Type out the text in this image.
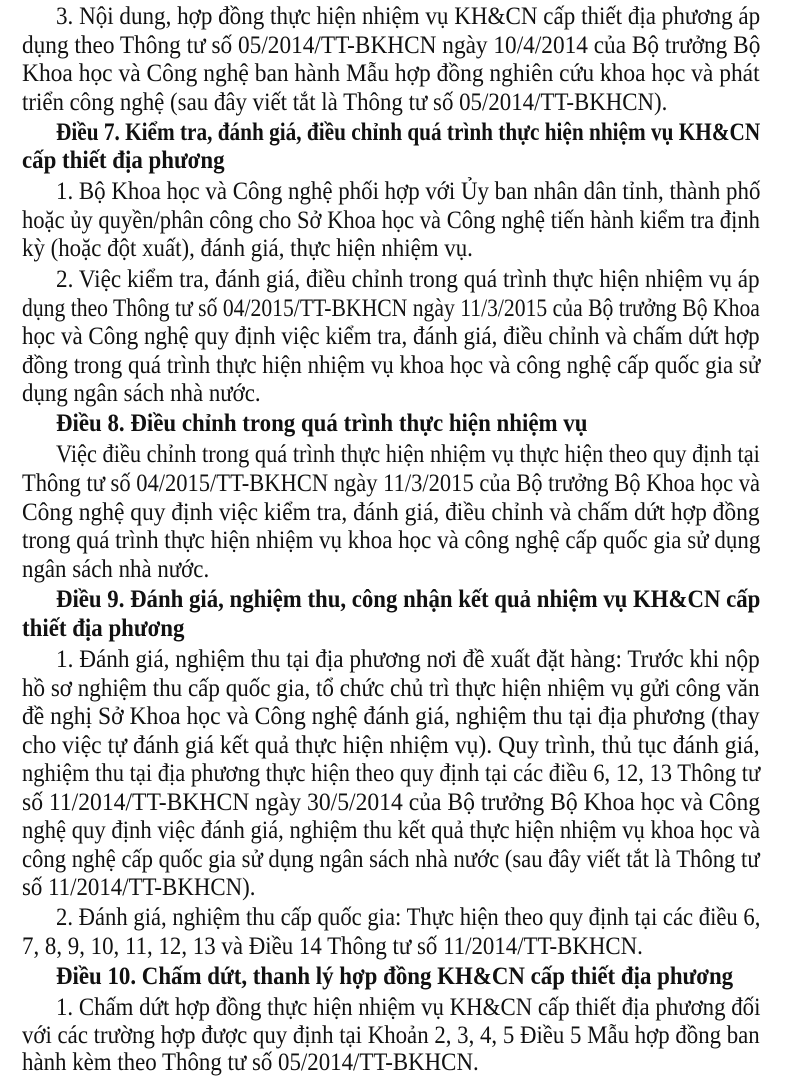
3. Nội dung, hợp đồng thực hiện nhiệm vụ KH&CN cấp thiết địa phương áp
dụng theo Thông tư số 05/2014/TT-BKHCN ngày 10/4/2014 của Bộ trưởng Bộ
Khoa học và Công nghệ ban hành Mẫu hợp đồng nghiên cứu khoa học và phát
triển công nghệ (sau đây viết tắt là Thông tư số 05/2014/TT-BKHCN).
Điều 7. Kiểm tra, đánh giá, điều chỉnh quá trình thực hiện nhiệm vụ KH&CN
cấp thiết địa phương
1. Bộ Khoa học và Công nghệ phối hợp với Ủy ban nhân dân tỉnh, thành phố
hoặc ủy quyền/phân công cho Sở Khoa học và Công nghệ tiến hành kiểm tra định
kỳ (hoặc đột xuất), đánh giá, thực hiện nhiệm vụ.
2. Việc kiểm tra, đánh giá, điều chỉnh trong quá trình thực hiện nhiệm vụ áp
dụng theo Thông tư số 04/2015/TT-BKHCN ngày 11/3/2015 của Bộ trưởng Bộ Khoa
học và Công nghệ quy định việc kiểm tra, đánh giá, điều chỉnh và chấm dứt hợp
đồng trong quá trình thực hiện nhiệm vụ khoa học và công nghệ cấp quốc gia sử
dụng ngân sách nhà nước.
Điều 8. Điều chỉnh trong quá trình thực hiện nhiệm vụ
Việc điều chỉnh trong quá trình thực hiện nhiệm vụ thực hiện theo quy định tại
Thông tư số 04/2015/TT-BKHCN ngày 11/3/2015 của Bộ trưởng Bộ Khoa học và
Công nghệ quy định việc kiểm tra, đánh giá, điều chỉnh và chấm dứt hợp đồng
trong quá trình thực hiện nhiệm vụ khoa học và công nghệ cấp quốc gia sử dụng
ngân sách nhà nước.
Điều 9. Đánh giá, nghiệm thu, công nhận kết quả nhiệm vụ KH&CN cấp
thiết địa phương
1. Đánh giá, nghiệm thu tại địa phương nơi đề xuất đặt hàng: Trước khi nộp
hồ sơ nghiệm thu cấp quốc gia, tổ chức chủ trì thực hiện nhiệm vụ gửi công văn
đề nghị Sở Khoa học và Công nghệ đánh giá, nghiệm thu tại địa phương (thay
cho việc tự đánh giá kết quả thực hiện nhiệm vụ). Quy trình, thủ tục đánh giá,
nghiệm thu tại địa phương thực hiện theo quy định tại các điều 6, 12, 13 Thông tư
số 11/2014/TT-BKHCN ngày 30/5/2014 của Bộ trưởng Bộ Khoa học và Công
nghệ quy định việc đánh giá, nghiệm thu kết quả thực hiện nhiệm vụ khoa học và
công nghệ cấp quốc gia sử dụng ngân sách nhà nước (sau đây viết tắt là Thông tư
số 11/2014/TT-BKHCN).
2. Đánh giá, nghiệm thu cấp quốc gia: Thực hiện theo quy định tại các điều 6,
7, 8, 9, 10, 11, 12, 13 và Điều 14 Thông tư số 11/2014/TT-BKHCN.
Điều 10. Chấm dứt, thanh lý hợp đồng KH&CN cấp thiết địa phương
1. Chấm dứt hợp đồng thực hiện nhiệm vụ KH&CN cấp thiết địa phương đối
với các trường hợp được quy định tại Khoản 2, 3, 4, 5 Điều 5 Mẫu hợp đồng ban
hành kèm theo Thông tư số 05/2014/TT-BKHCN.
